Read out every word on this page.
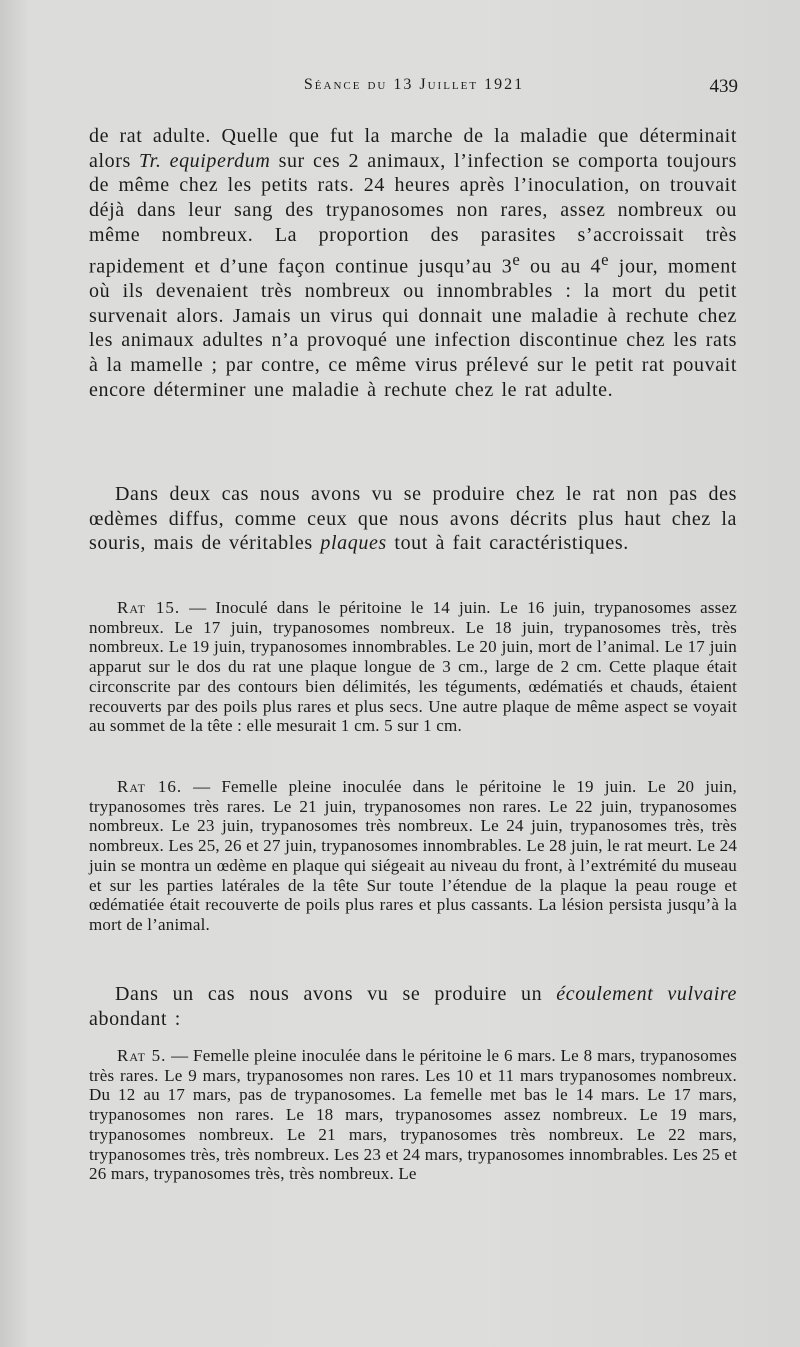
Séance du 13 Juillet 1921	439

de rat adulte. Quelle que fut la marche de la maladie que déterminait alors Tr. equiperdum sur ces 2 animaux, l’infection se comporta toujours de même chez les petits rats. 24 heures après l’inoculation, on trouvait déjà dans leur sang des trypanosomes non rares, assez nombreux ou même nombreux. La proportion des parasites s’accroissait très rapidement et d’une façon continue jusqu’au 3e ou au 4e jour, moment où ils devenaient très nombreux ou innombrables : la mort du petit survenait alors. Jamais un virus qui donnait une maladie à rechute chez les animaux adultes n’a provoqué une infection discontinue chez les rats à la mamelle ; par contre, ce même virus prélevé sur le petit rat pouvait encore déterminer une maladie à rechute chez le rat adulte.

Dans deux cas nous avons vu se produire chez le rat non pas des œdèmes diffus, comme ceux que nous avons décrits plus haut chez la souris, mais de véritables plaques tout à fait caractéristiques.

Rat 15. — Inoculé dans le péritoine le 14 juin. Le 16 juin, trypanosomes assez nombreux. Le 17 juin, trypanosomes nombreux. Le 18 juin, trypanosomes très, très nombreux. Le 19 juin, trypanosomes innombrables. Le 20 juin, mort de l’animal. Le 17 juin apparut sur le dos du rat une plaque longue de 3 cm., large de 2 cm. Cette plaque était circonscrite par des contours bien délimités, les téguments, œdématiés et chauds, étaient recouverts par des poils plus rares et plus secs. Une autre plaque de même aspect se voyait au sommet de la tête : elle mesurait 1 cm. 5 sur 1 cm.

Rat 16. — Femelle pleine inoculée dans le péritoine le 19 juin. Le 20 juin, trypanosomes très rares. Le 21 juin, trypanosomes non rares. Le 22 juin, trypanosomes nombreux. Le 23 juin, trypanosomes très nombreux. Le 24 juin, trypanosomes très, très nombreux. Les 25, 26 et 27 juin, trypanosomes innombrables. Le 28 juin, le rat meurt. Le 24 juin se montra un œdème en plaque qui siégeait au niveau du front, à l’extrémité du museau et sur les parties latérales de la tête Sur toute l’étendue de la plaque la peau rouge et œdématiée était recouverte de poils plus rares et plus cassants. La lésion persista jusqu’à la mort de l’animal.

Dans un cas nous avons vu se produire un écoulement vulvaire abondant :

Rat 5. — Femelle pleine inoculée dans le péritoine le 6 mars. Le 8 mars, trypanosomes très rares. Le 9 mars, trypanosomes non rares. Les 10 et 11 mars trypanosomes nombreux. Du 12 au 17 mars, pas de trypanosomes. La femelle met bas le 14 mars. Le 17 mars, trypanosomes non rares. Le 18 mars, trypanosomes assez nombreux. Le 19 mars, trypanosomes nombreux. Le 21 mars, trypanosomes très nombreux. Le 22 mars, trypanosomes très, très nombreux. Les 23 et 24 mars, trypanosomes innombrables. Les 25 et 26 mars, trypanosomes très, très nombreux. Le
